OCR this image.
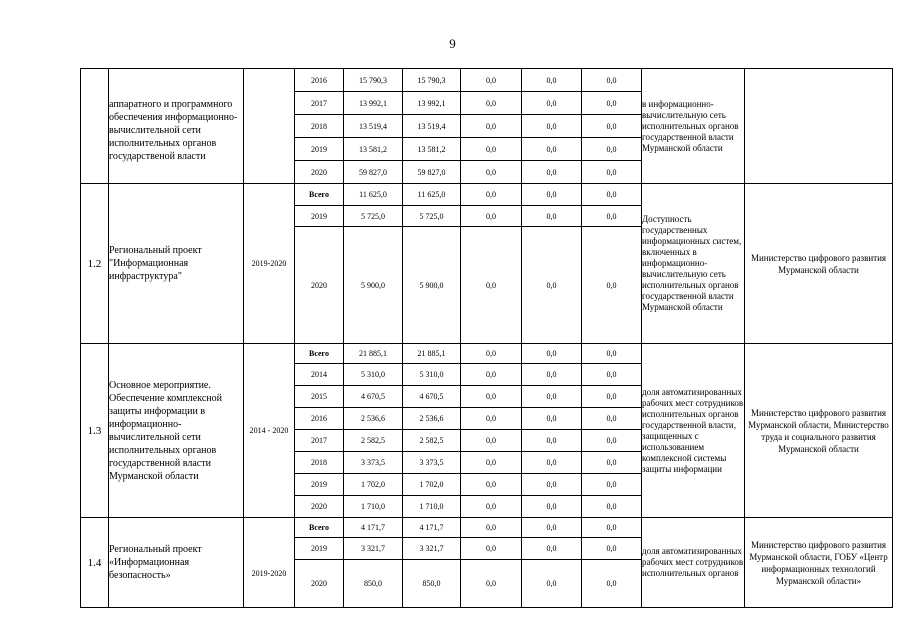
9
	аппаратного и программного обеспечения информационно-вычислительной сети исполнительных органов государственой власти		2016	15 790,3	15 790,3	0,0	0,0	0,0	в информационно-вычислительную сеть исполнительных органов государственной власти Мурманской области	
			2017	13 992,1	13 992,1	0,0	0,0	0,0		
			2018	13 519,4	13 519,4	0,0	0,0	0,0		
			2019	13 581,2	13 581,2	0,0	0,0	0,0		
			2020	59 827,0	59 827,0	0,0	0,0	0,0		
1.2	Региональный проект "Информационная инфраструктура"	2019-2020	Всего	11 625,0	11 625,0	0,0	0,0	0,0	Доступность государственных информационных систем, включенных в информационно-вычислительную сеть исполнительных органов государственной власти Мурманской области	Министерство цифрового развития Мурманской области
			2019	5 725,0	5 725,0	0,0	0,0	0,0		
			2020	5 900,0	5 900,0	0,0	0,0	0,0		
1.3	Основное мероприятие. Обеспечение комплексной защиты информации в информационно-вычислительной сети исполнительных органов государственной власти Мурманской области	2014 - 2020	Всего	21 885,1	21 885,1	0,0	0,0	0,0	доля автоматизированных рабочих мест сотрудников исполнительных органов государственной власти, защищенных с использованием комплексной системы защиты информации	Министерство цифрового развития Мурманской области, Министерство труда и социального развития Мурманской области
			2014	5 310,0	5 310,0	0,0	0,0	0,0		
			2015	4 670,5	4 670,5	0,0	0,0	0,0		
			2016	2 536,6	2 536,6	0,0	0,0	0,0		
			2017	2 582,5	2 582,5	0,0	0,0	0,0		
			2018	3 373,5	3 373,5	0,0	0,0	0,0		
			2019	1 702,0	1 702,0	0,0	0,0	0,0		
			2020	1 710,0	1 710,0	0,0	0,0	0,0		
1.4	Региональный проект «Информационная безопасность»	2019-2020	Всего	4 171,7	4 171,7	0,0	0,0	0,0	доля автоматизированных рабочих мест сотрудников исполнительных органов	Министерство цифрового развития Мурманской области, ГОБУ «Центр информационных технологий Мурманской области»
			2019	3 321,7	3 321,7	0,0	0,0	0,0		
			2020	850,0	850,0	0,0	0,0	0,0		
